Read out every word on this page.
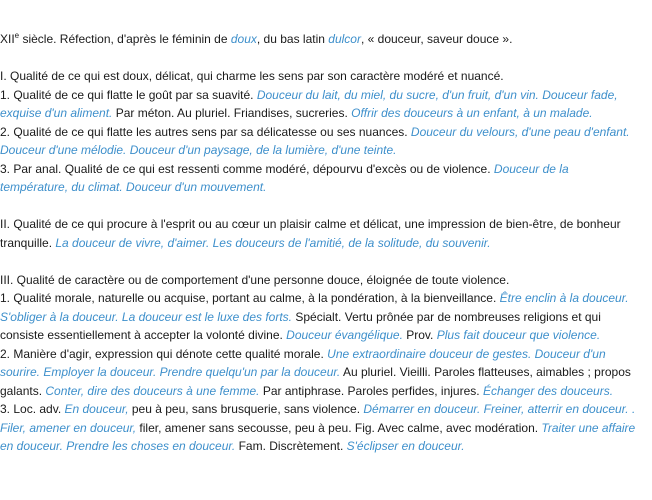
XIIe siècle. Réfection, d'après le féminin de doux, du bas latin dulcor, « douceur, saveur douce ».
I. Qualité de ce qui est doux, délicat, qui charme les sens par son caractère modéré et nuancé.
1. Qualité de ce qui flatte le goût par sa suavité. Douceur du lait, du miel, du sucre, d'un fruit, d'un vin. Douceur fade,
exquise d'un aliment. Par méton. Au pluriel. Friandises, sucreries. Offrir des douceurs à un enfant, à un malade.
2. Qualité de ce qui flatte les autres sens par sa délicatesse ou ses nuances. Douceur du velours, d'une peau d'enfant.
Douceur d'une mélodie. Douceur d'un paysage, de la lumière, d'une teinte.
3. Par anal. Qualité de ce qui est ressenti comme modéré, dépourvu d'excès ou de violence. Douceur de la
température, du climat. Douceur d'un mouvement.
II. Qualité de ce qui procure à l'esprit ou au cœur un plaisir calme et délicat, une impression de bien-être, de bonheur
tranquille. La douceur de vivre, d'aimer. Les douceurs de l'amitié, de la solitude, du souvenir.
III. Qualité de caractère ou de comportement d'une personne douce, éloignée de toute violence.
1. Qualité morale, naturelle ou acquise, portant au calme, à la pondération, à la bienveillance. Être enclin à la douceur.
S'obliger à la douceur. La douceur est le luxe des forts. Spécialt. Vertu prônée par de nombreuses religions et qui
consiste essentiellement à accepter la volonté divine. Douceur évangélique. Prov. Plus fait douceur que violence.
2. Manière d'agir, expression qui dénote cette qualité morale. Une extraordinaire douceur de gestes. Douceur d'un
sourire. Employer la douceur. Prendre quelqu'un par la douceur. Au pluriel. Vieilli. Paroles flatteuses, aimables ; propos
galants. Conter, dire des douceurs à une femme. Par antiphrase. Paroles perfides, injures. Échanger des douceurs.
3. Loc. adv. En douceur, peu à peu, sans brusquerie, sans violence. Démarrer en douceur. Freiner, atterrir en douceur. .
Filer, amener en douceur, filer, amener sans secousse, peu à peu. Fig. Avec calme, avec modération. Traiter une affaire
en douceur. Prendre les choses en douceur. Fam. Discrètement. S'éclipser en douceur.
